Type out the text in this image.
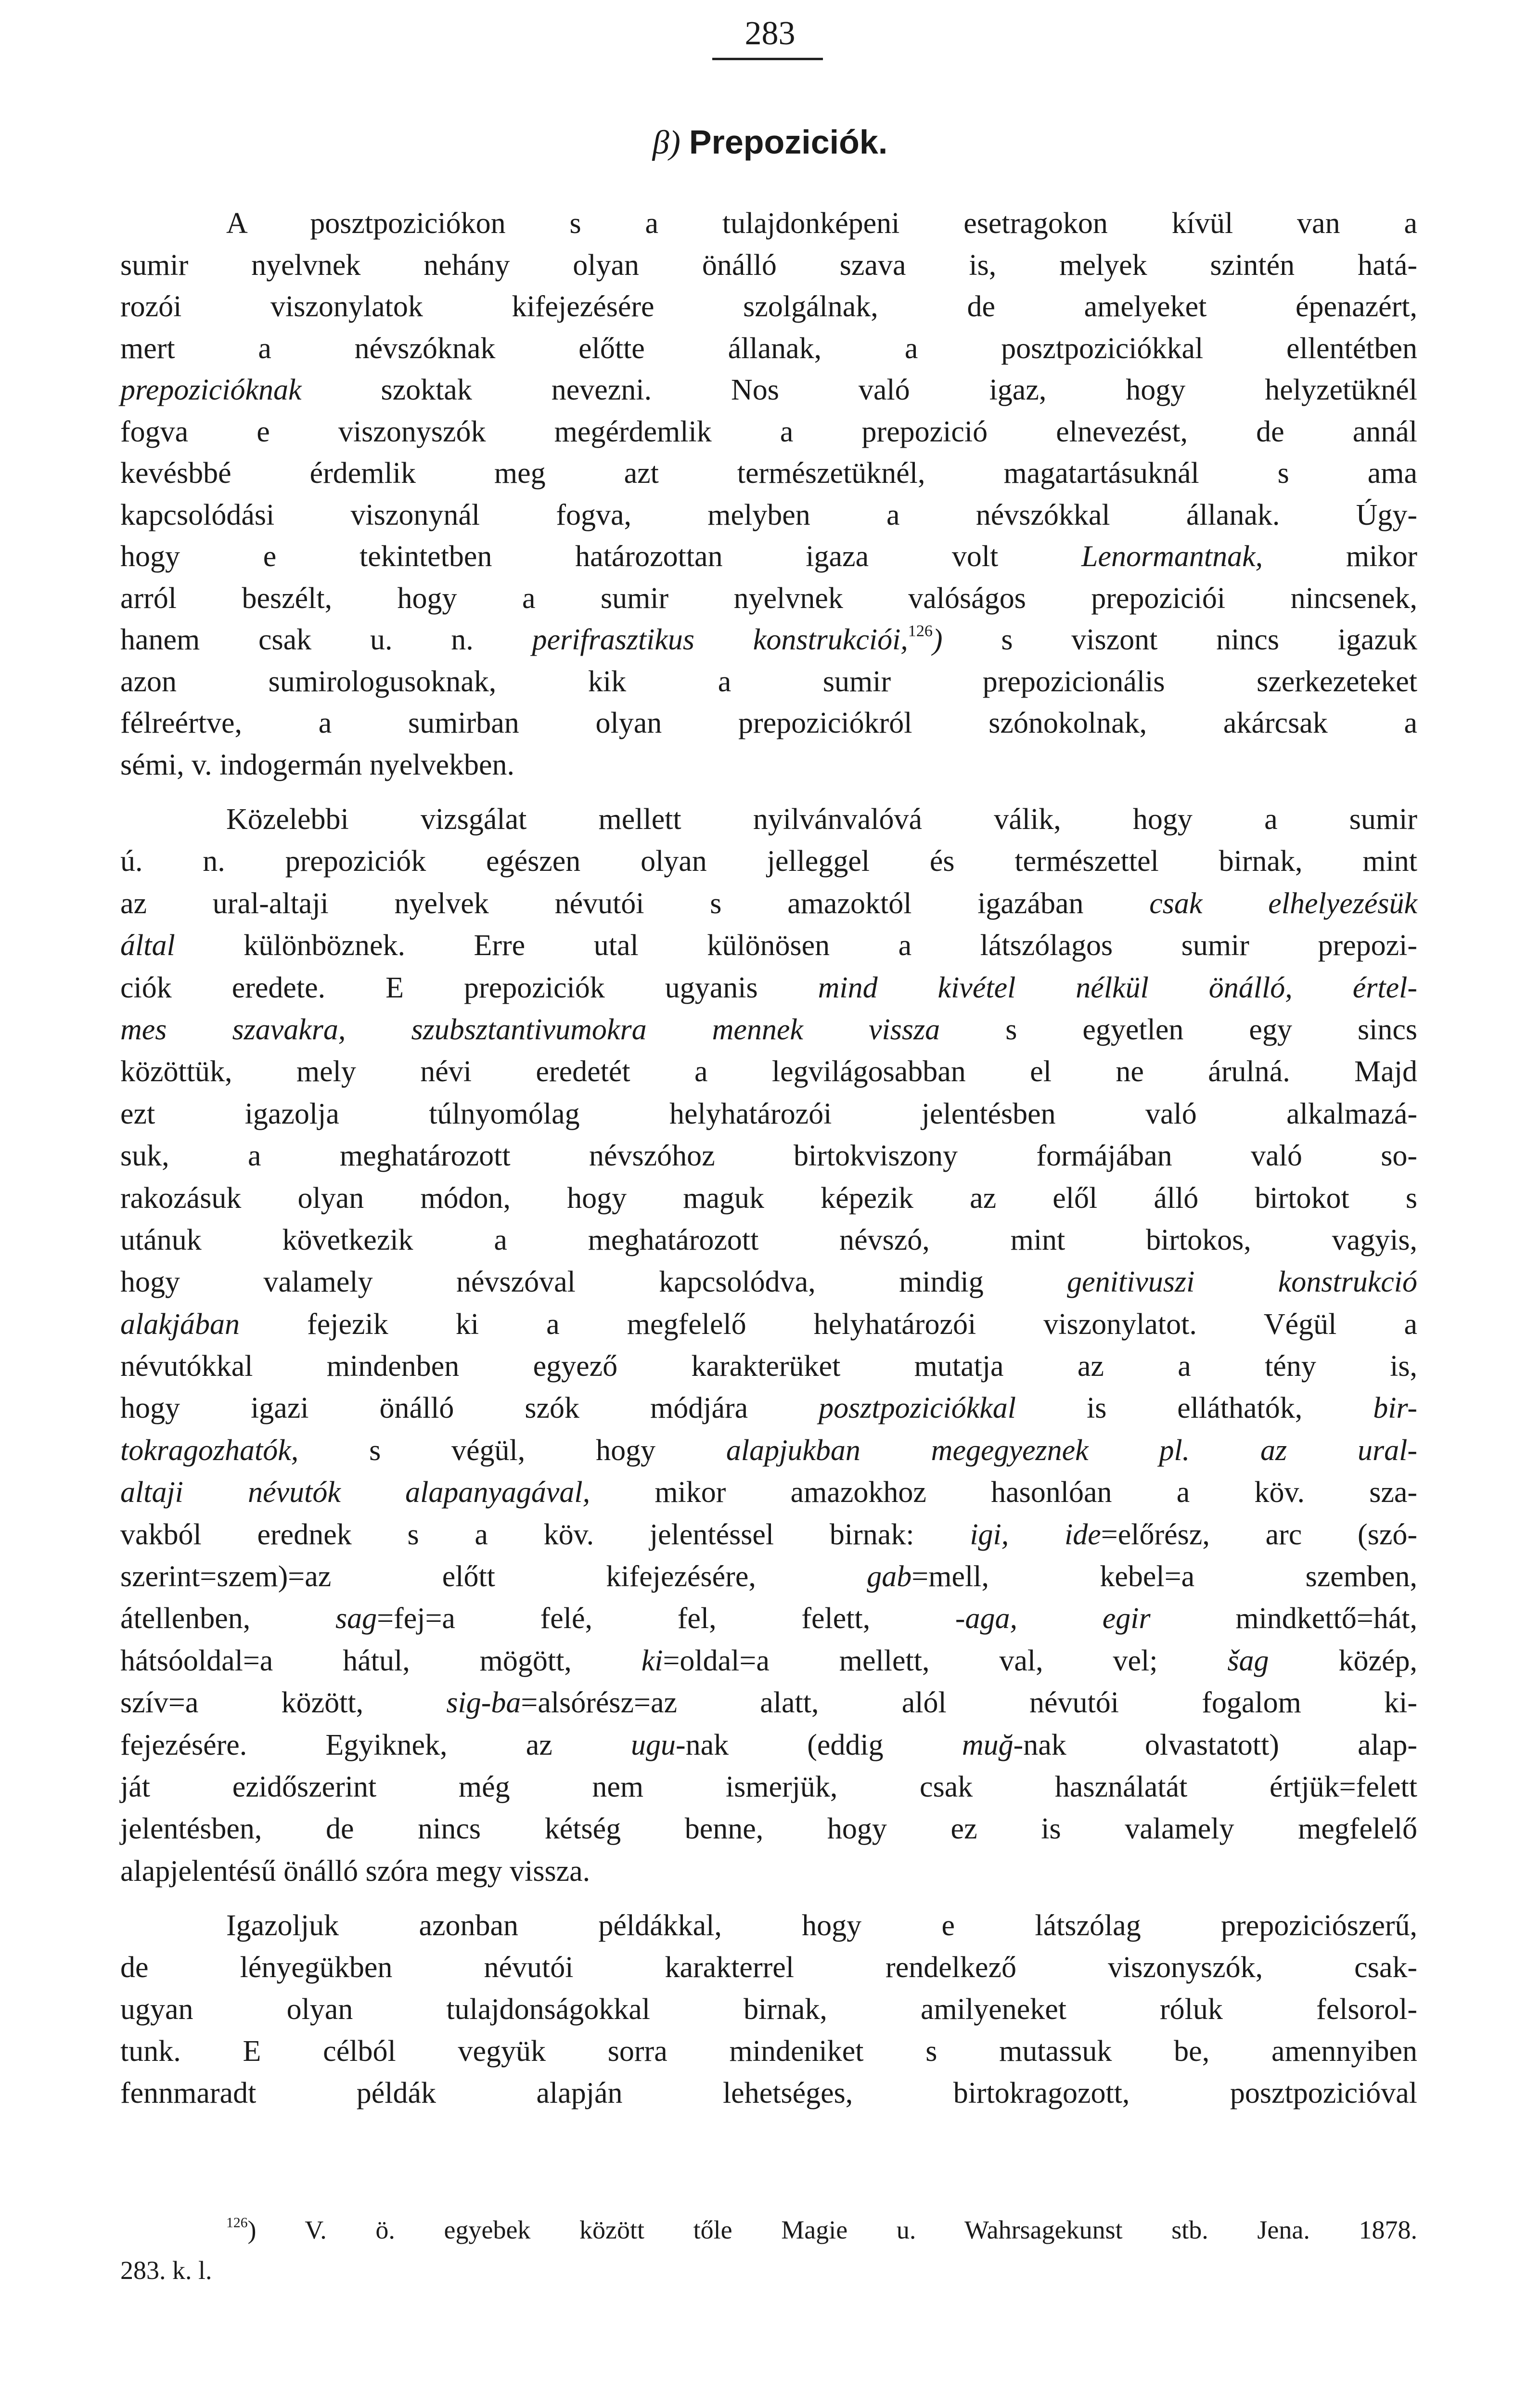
283
β) Prepoziciók.
A posztpoziciókon s a tulajdonképeni esetragokon kívül van a
sumir nyelvnek nehány olyan önálló szava is, melyek szintén hatá-
rozói viszonylatok kifejezésére szolgálnak, de amelyeket épenazért,
mert a névszóknak előtte állanak, a posztpoziciókkal ellentétben
prepozicióknak szoktak nevezni. Nos való igaz, hogy helyzetüknél
fogva e viszonyszók megérdemlik a prepozició elnevezést, de annál
kevésbbé érdemlik meg azt természetüknél, magatartásuknál s ama
kapcsolódási viszonynál fogva, melyben a névszókkal állanak. Úgy-
hogy e tekintetben határozottan igaza volt Lenormantnak, mikor
arról beszélt, hogy a sumir nyelvnek valóságos prepoziciói nincsenek,
hanem csak u. n. perifrasztikus konstrukciói,$^{126}$) s viszont nincs igazuk
azon sumirologusoknak, kik a sumir prepozicionális szerkezeteket
félreértve, a sumirban olyan prepoziciókról szónokolnak, akárcsak a
sémi, v. indogermán nyelvekben.
Közelebbi vizsgálat mellett nyilvánvalóvá válik, hogy a sumir
ú. n. prepoziciók egészen olyan jelleggel és természettel birnak, mint
az ural-altaji nyelvek névutói s amazoktól igazában csak elhelyezésük
által különböznek. Erre utal különösen a látszólagos sumir prepozi-
ciók eredete. E prepoziciók ugyanis mind kivétel nélkül önálló, értel-
mes szavakra, szubsztantivumokra mennek vissza s egyetlen egy sincs
közöttük, mely névi eredetét a legvilágosabban el ne árulná. Majd
ezt igazolja túlnyomólag helyhatározói jelentésben való alkalmazá-
suk, a meghatározott névszóhoz birtokviszony formájában való so-
rakozásuk olyan módon, hogy maguk képezik az elől álló birtokot s
utánuk következik a meghatározott névszó, mint birtokos, vagyis,
hogy valamely névszóval kapcsolódva, mindig genitivuszi konstrukció
alakjában fejezik ki a megfelelő helyhatározói viszonylatot. Végül a
névutókkal mindenben egyező karakterüket mutatja az a tény is,
hogy igazi önálló szók módjára posztpoziciókkal is elláthatók, bir-
tokragozhatók, s végül, hogy alapjukban megegyeznek pl. az ural-
altaji névutók alapanyagával, mikor amazokhoz hasonlóan a köv. sza-
vakból erednek s a köv. jelentéssel birnak: igi, ide=előrész, arc (szó-
szerint=szem)=az előtt kifejezésére, gab=mell, kebel=a szemben,
átellenben, sag=fej=a felé, fel, felett, -aga, egir mindkettő=hát,
hátsóoldal=a hátul, mögött, ki=oldal=a mellett, val, vel; šag közép,
szív=a között, sig-ba=alsórész=az alatt, alól névutói fogalom ki-
fejezésére. Egyiknek, az ugu-nak (eddig muğ-nak olvastatott) alap-
ját ezidőszerint még nem ismerjük, csak használatát értjük=felett
jelentésben, de nincs kétség benne, hogy ez is valamely megfelelő
alapjelentésű önálló szóra megy vissza.
Igazoljuk azonban példákkal, hogy e látszólag prepoziciószerű,
de lényegükben névutói karakterrel rendelkező viszonyszók, csak-
ugyan olyan tulajdonságokkal birnak, amilyeneket róluk felsorol-
tunk. E célból vegyük sorra mindeniket s mutassuk be, amennyiben
fennmaradt példák alapján lehetséges, birtokragozott, posztpozicióval
$^{126}$) V. ö. egyebek között tőle Magie u. Wahrsagekunst stb. Jena. 1878.
283. k. l.
